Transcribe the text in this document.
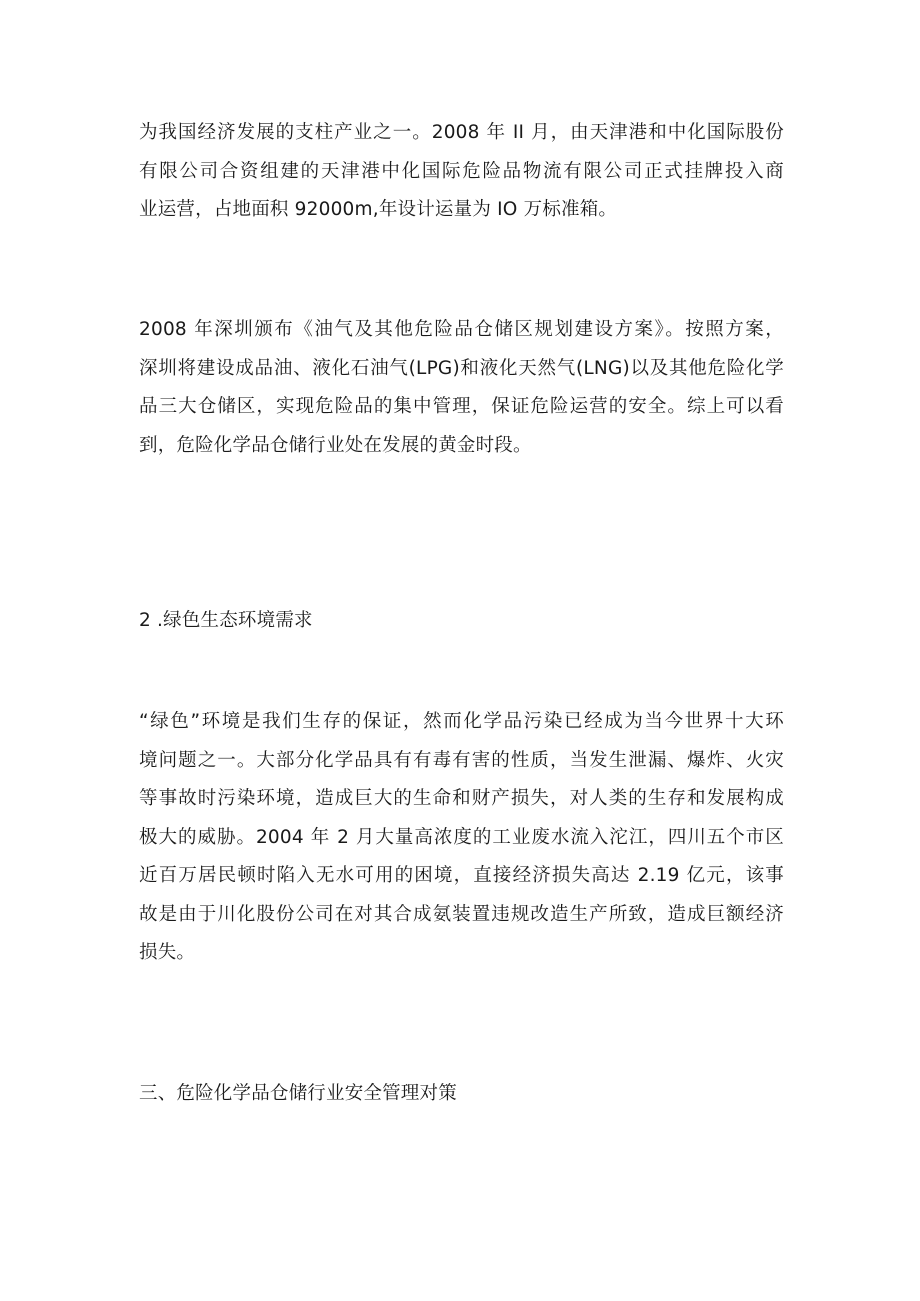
为我国经济发展的支柱产业之一。2008 年 II 月，由天津港和中化国际股份
有限公司合资组建的天津港中化国际危险品物流有限公司正式挂牌投入商
业运营，占地面积 92000m,年设计运量为 IO 万标准箱。
2008 年深圳颁布《油气及其他危险品仓储区规划建设方案》。按照方案，
深圳将建设成品油、液化石油气(LPG)和液化天然气(LNG)以及其他危险化学
品三大仓储区，实现危险品的集中管理，保证危险运营的安全。综上可以看
到，危险化学品仓储行业处在发展的黄金时段。
2 .绿色生态环境需求
“绿色”环境是我们生存的保证，然而化学品污染已经成为当今世界十大环
境问题之一。大部分化学品具有有毒有害的性质，当发生泄漏、爆炸、火灾
等事故时污染环境，造成巨大的生命和财产损失，对人类的生存和发展构成
极大的威胁。2004 年 2 月大量高浓度的工业废水流入沱江，四川五个市区
近百万居民顿时陷入无水可用的困境，直接经济损失高达 2.19 亿元，该事
故是由于川化股份公司在对其合成氨装置违规改造生产所致，造成巨额经济
损失。
三、危险化学品仓储行业安全管理对策
